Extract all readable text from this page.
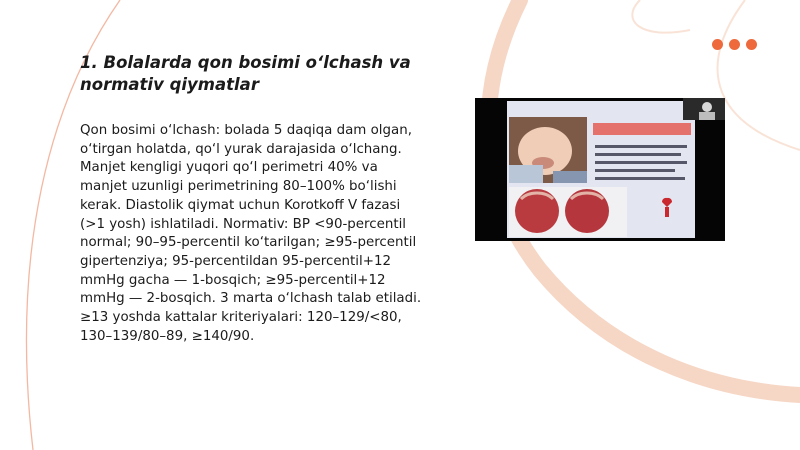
1. Bolalarda qon bosimi o‘lchash va normativ qiymatlar

Qon bosimi o‘lchash: bolada 5 daqiqa dam olgan, o‘tirgan holatda, qo‘l yurak darajasida o‘lchang. Manjet kengligi yuqori qo‘l perimetri 40% va manjet uzunligi perimetrining 80–100% bo‘lishi kerak. Diastolik qiymat uchun Korotkoff V fazasi (>1 yosh) ishlatiladi. Normativ: BP <90-percentil normal; 90–95-percentil ko‘tarilgan; ≥95-percentil gipertenziya; 95-percentildan 95-percentil+12 mmHg gacha — 1-bosqich; ≥95-percentil+12 mmHg — 2-bosqich. 3 marta o‘lchash talab etiladi. ≥13 yoshda kattalar kriteriyalari: 120–129/<80, 130–139/80–89, ≥140/90.
